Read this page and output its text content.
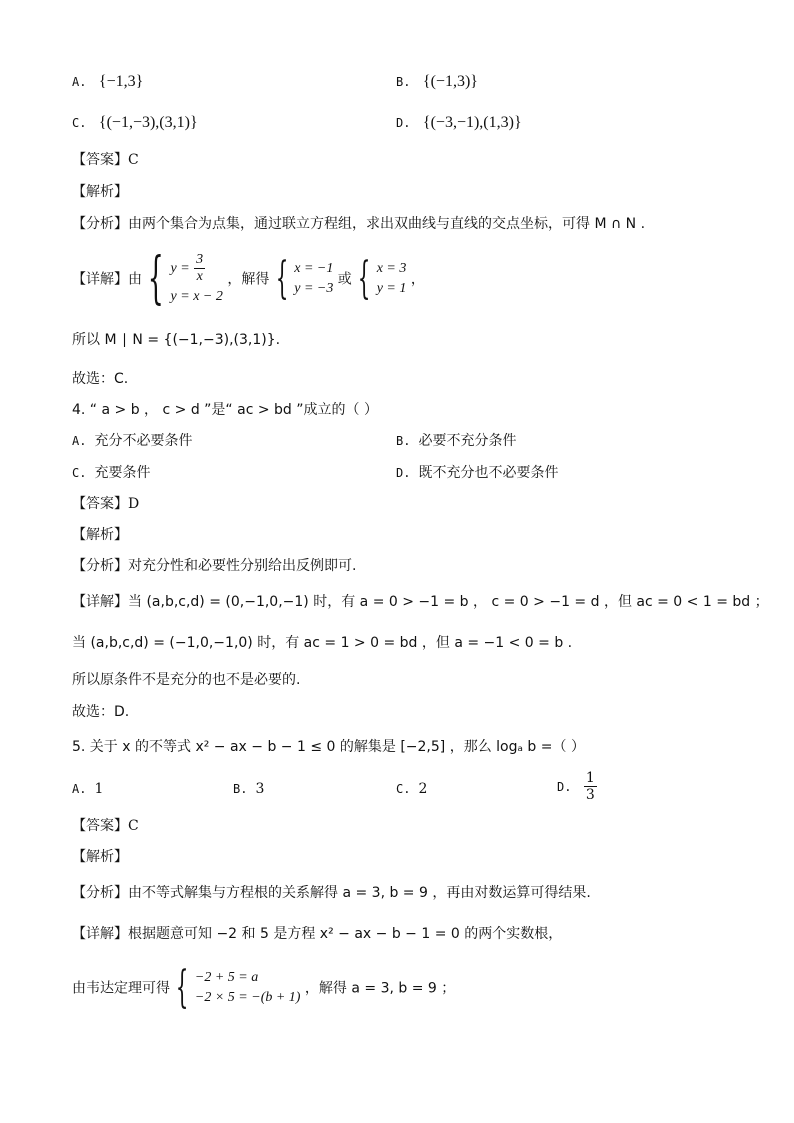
A. {−1,3}	B. {(−1,3)}
C. {(−1,−3),(3,1)}	D. {(−3,−1),(1,3)}
【答案】C
【解析】
【分析】由两个集合为点集，通过联立方程组，求出双曲线与直线的交点坐标，可得 M ∩ N .
【详解】由 { $y = \frac{3}{x}$
y = x − 2
，解得 { x = −1
y = −3
或 { x = 3
y = 1
，
所以 M ∣ N = {(−1,−3),(3,1)}.
故选：C.
4. “ a > b ， c > d ”是“ ac > bd ”成立的（ ）
A. 充分不必要条件	B. 必要不充分条件
C. 充要条件	D. 既不充分也不必要条件
【答案】D
【解析】
【分析】对充分性和必要性分别给出反例即可.
【详解】当 (a,b,c,d) = (0,−1,0,−1) 时，有 a = 0 > −1 = b ， c = 0 > −1 = d ，但 ac = 0 < 1 = bd ；
当 (a,b,c,d) = (−1,0,−1,0) 时，有 ac = 1 > 0 = bd ，但 a = −1 < 0 = b .
所以原条件不是充分的也不是必要的.
故选：D.
5. 关于 x 的不等式 x² − ax − b − 1 ≤ 0 的解集是 [−2,5] ，那么 logₐ b =（ ）
A. 1	B. 3	C. 2	D. $\frac{1}{3}$
【答案】C
【解析】
【分析】由不等式解集与方程根的关系解得 a = 3, b = 9 ，再由对数运算可得结果.
【详解】根据题意可知 −2 和 5 是方程 x² − ax − b − 1 = 0 的两个实数根，
由韦达定理可得 { −2 + 5 = a
−2 × 5 = −(b + 1)
，解得 a = 3, b = 9 ；
